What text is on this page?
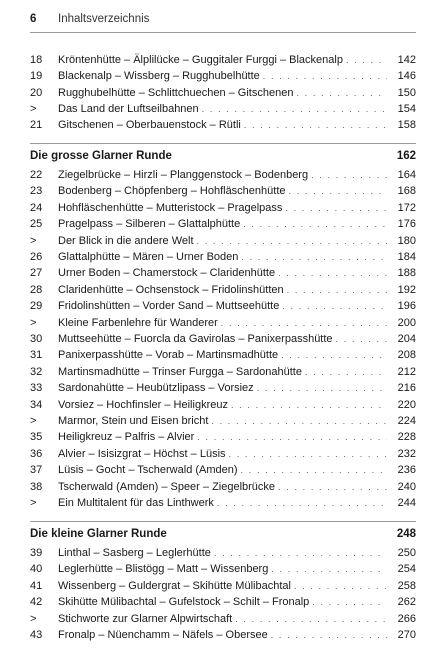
6 Inhaltsverzeichnis
18	Kröntenhütte – Älplilücke – Guggitaler Furggi – Blackenalp . . .	142
19	Blackenalp – Wissberg – Rugghubelhütte . . .	146
20	Rugghubelhütte – Schlittchuechen – Gitschenen . . .	150
>	Das Land der Luftseilbahnen . . .	154
21	Gitschenen – Oberbauenstock – Rütli . . .	158
Die grosse Glarner Runde	162
22	Ziegelbrücke – Hirzli – Planggenstock – Bodenberg . . .	164
23	Bodenberg – Chöpfenberg – Hohfläschenhütte . . .	168
24	Hohfläschenhütte – Mutteristock – Pragelpass . . .	172
25	Pragelpass – Silberen – Glattalphütte . . .	176
>	Der Blick in die andere Welt . . .	180
26	Glattalphütte – Mären – Urner Boden . . .	184
27	Urner Boden – Chamerstock – Claridenhütte . . .	188
28	Claridenhütte – Ochsenstock – Fridolinshütten . . .	192
29	Fridolinshütten – Vorder Sand – Muttseehütte . . .	196
>	Kleine Farbenlehre für Wanderer . . .	200
30	Muttseehütte – Fuorcla da Gavirolas – Panixerpasshütte . . .	204
31	Panixerpasshütte – Vorab – Martinsmadhütte . . .	208
32	Martinsmadhütte – Trinser Furgga – Sardonahütte . . .	212
33	Sardonahütte – Heubützlipass – Vorsiez . . .	216
34	Vorsiez – Hochfinsler – Heiligkreuz . . .	220
>	Marmor, Stein und Eisen bricht . . .	224
35	Heiligkreuz – Palfris – Alvier . . .	228
36	Alvier – Isisizgrat – Höchst – Lüsis . . .	232
37	Lüsis – Gocht – Tscherwald (Amden) . . .	236
38	Tscherwald (Amden) – Speer – Ziegelbrücke . . .	240
>	Ein Multitalent für das Linthwerk . . .	244
Die kleine Glarner Runde	248
39	Linthal – Sasberg – Leglerhütte . . .	250
40	Leglerhütte – Blistögg – Matt – Wissenberg . . .	254
41	Wissenberg – Guldergrat – Skihütte Mülibachtal . . .	258
42	Skihütte Mülibachtal – Gufelstock – Schilt – Fronalp . . .	262
>	Stichworte zur Glarner Alpwirtschaft . . .	266
43	Fronalp – Nüenchamm – Näfels – Obersee . . .	270
